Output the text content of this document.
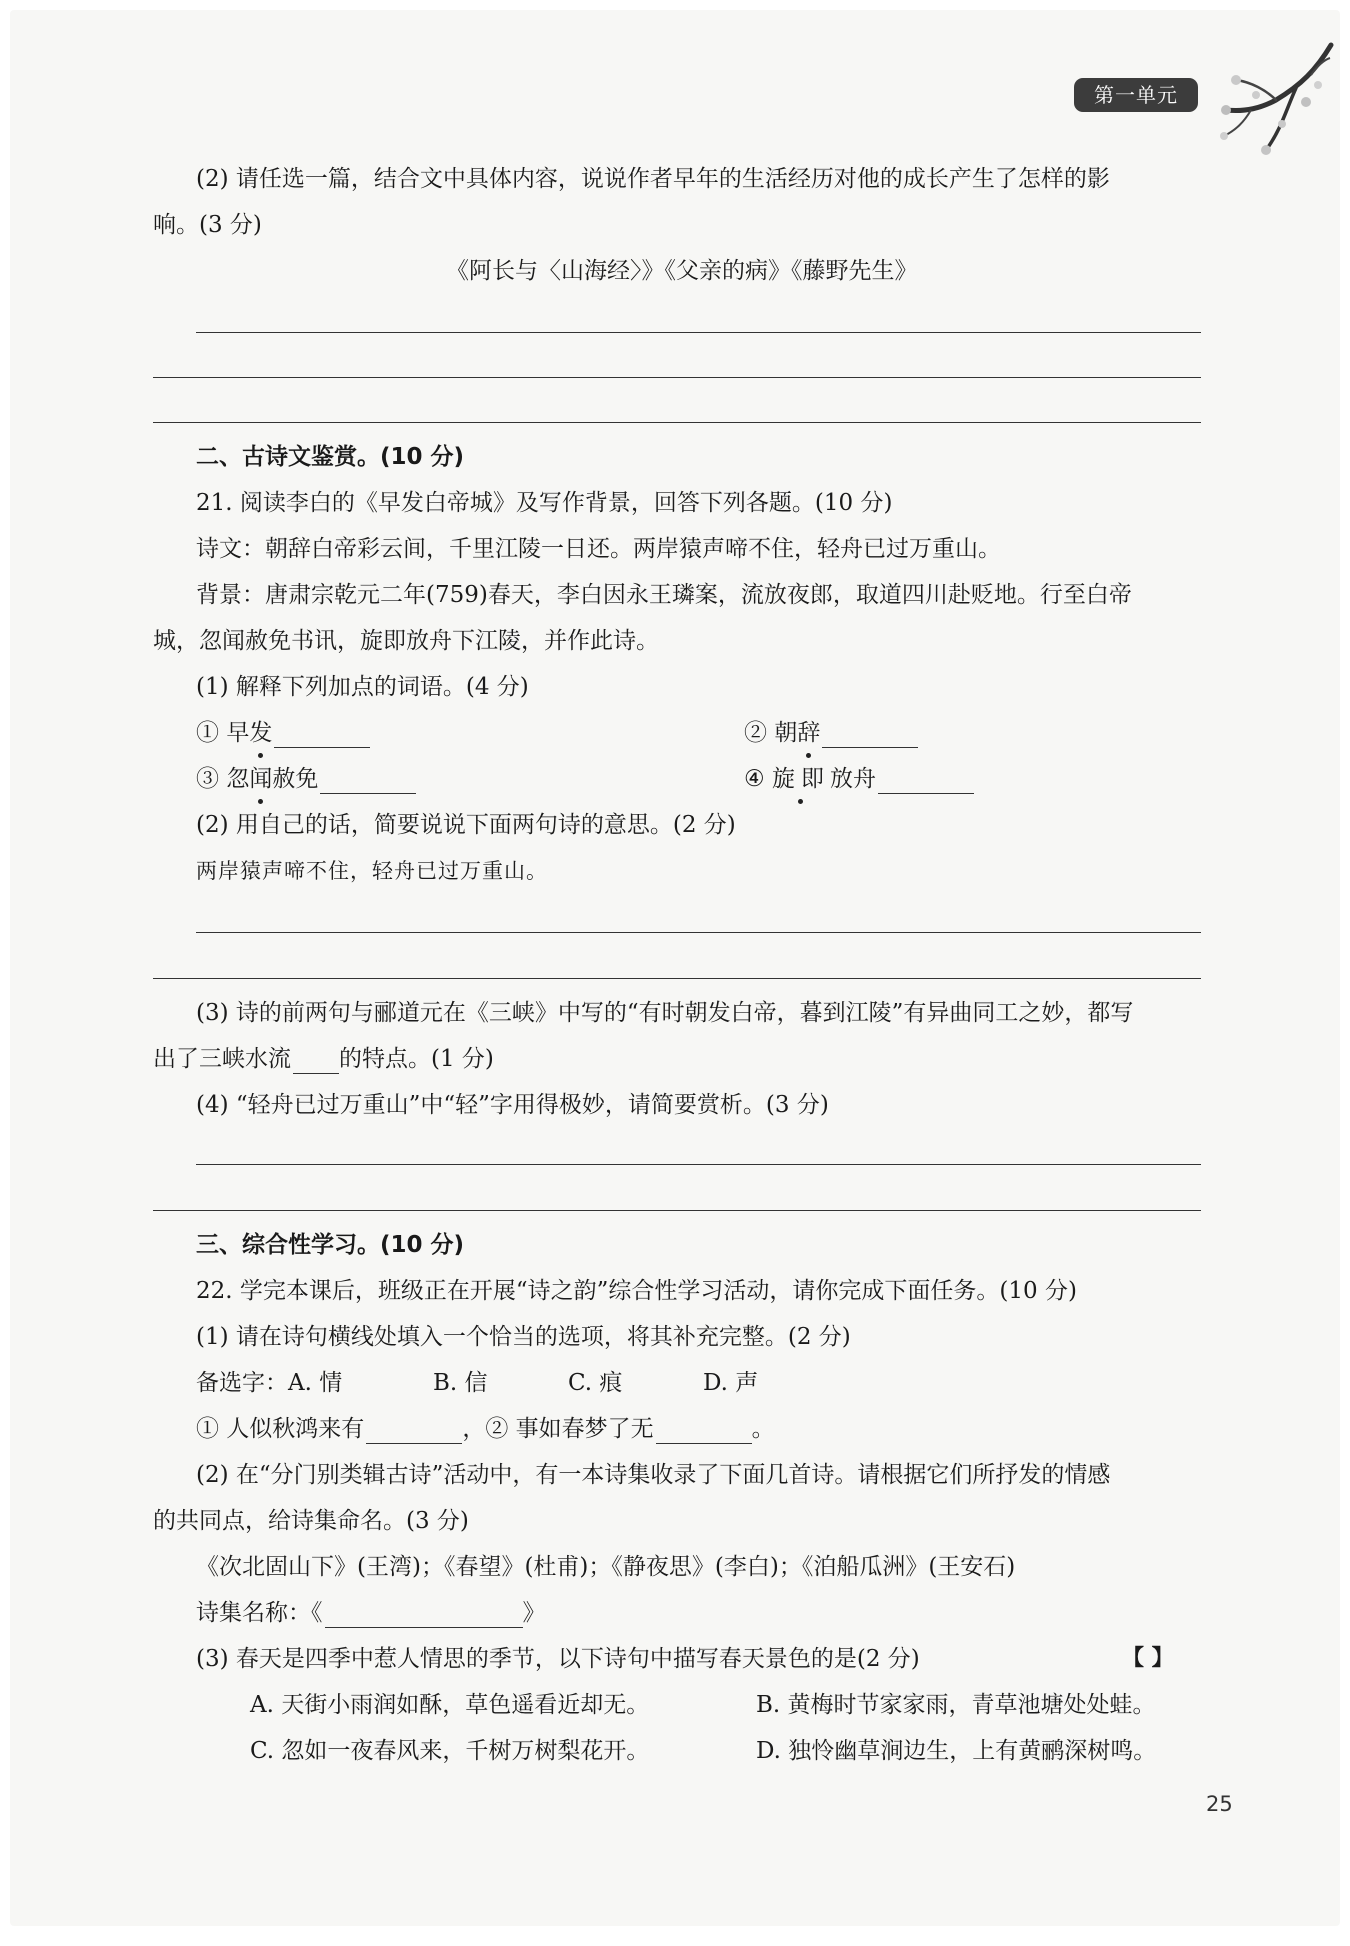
第一单元
(2) 请任选一篇，结合文中具体内容，说说作者早年的生活经历对他的成长产生了怎样的影
响。(3 分)
《阿长与〈山海经〉》《父亲的病》《藤野先生》
二、古诗文鉴赏。(10 分)
21. 阅读李白的《早发白帝城》及写作背景，回答下列各题。(10 分)
诗文：朝辞白帝彩云间，千里江陵一日还。两岸猿声啼不住，轻舟已过万重山。
背景：唐肃宗乾元二年(759)春天，李白因永王璘案，流放夜郎，取道四川赴贬地。行至白帝
城，忽闻赦免书讯，旋即放舟下江陵，并作此诗。
(1) 解释下列加点的词语。(4 分)
① 早发	② 朝辞
③ 忽闻赦免	④ 旋即放舟
(2) 用自己的话，简要说说下面两句诗的意思。(2 分)
两岸猿声啼不住，轻舟已过万重山。
(3) 诗的前两句与郦道元在《三峡》中写的“有时朝发白帝，暮到江陵”有异曲同工之妙，都写
出了三峡水流 的特点。(1 分)
(4) “轻舟已过万重山”中“轻”字用得极妙，请简要赏析。(3 分)
三、综合性学习。(10 分)
22. 学完本课后，班级正在开展“诗之韵”综合性学习活动，请你完成下面任务。(10 分)
(1) 请在诗句横线处填入一个恰当的选项，将其补充完整。(2 分)
备选字：A. 情	B. 信	C. 痕	D. 声
① 人似秋鸿来有	，② 事如春梦了无	。
(2) 在“分门别类辑古诗”活动中，有一本诗集收录了下面几首诗。请根据它们所抒发的情感
的共同点，给诗集命名。(3 分)
《次北固山下》(王湾)；《春望》(杜甫)；《静夜思》(李白)；《泊船瓜洲》(王安石)
诗集名称：《	》
(3) 春天是四季中惹人情思的季节，以下诗句中描写春天景色的是(2 分)	【 】
A. 天街小雨润如酥，草色遥看近却无。	B. 黄梅时节家家雨，青草池塘处处蛙。
C. 忽如一夜春风来，千树万树梨花开。	D. 独怜幽草涧边生，上有黄鹂深树鸣。
25
